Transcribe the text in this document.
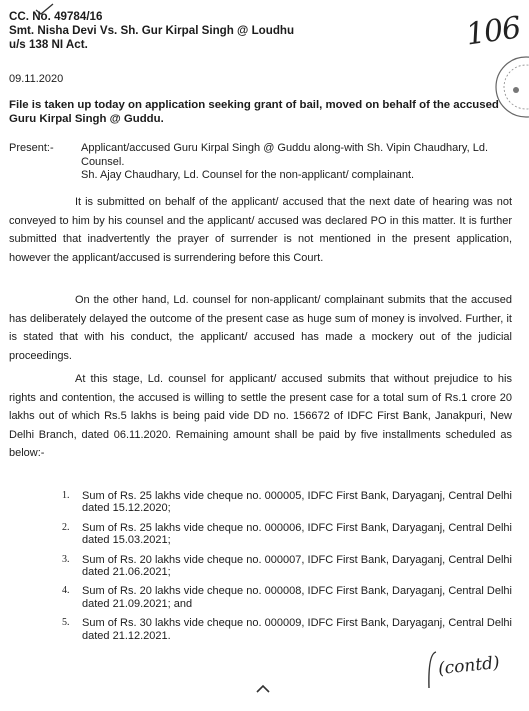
CC. No. 49784/16
Smt. Nisha Devi Vs. Sh. Gur Kirpal Singh @ Loudhu
u/s 138 NI Act.	106
09.11.2020
File is taken up today on application seeking grant of bail, moved on behalf of the accused Guru Kirpal Singh @ Guddu.
Present:- Applicant/accused Guru Kirpal Singh @ Guddu along-with Sh. Vipin Chaudhary, Ld. Counsel.
Sh. Ajay Chaudhary, Ld. Counsel for the non-applicant/ complainant.
It is submitted on behalf of the applicant/ accused that the next date of hearing was not conveyed to him by his counsel and the applicant/ accused was declared PO in this matter. It is further submitted that inadvertently the prayer of surrender is not mentioned in the present application, however the applicant/accused is surrendering before this Court.
On the other hand, Ld. counsel for non-applicant/ complainant submits that the accused has deliberately delayed the outcome of the present case as huge sum of money is involved. Further, it is stated that with his conduct, the applicant/ accused has made a mockery out of the judicial proceedings.
At this stage, Ld. counsel for applicant/ accused submits that without prejudice to his rights and contention, the accused is willing to settle the present case for a total sum of Rs.1 crore 20 lakhs out of which Rs.5 lakhs is being paid vide DD no. 156672 of IDFC First Bank, Janakpuri, New Delhi Branch, dated 06.11.2020. Remaining amount shall be paid by five installments scheduled as below:-
1. Sum of Rs. 25 lakhs vide cheque no. 000005, IDFC First Bank, Daryaganj, Central Delhi dated 15.12.2020;
2. Sum of Rs. 25 lakhs vide cheque no. 000006, IDFC First Bank, Daryaganj, Central Delhi dated 15.03.2021;
3. Sum of Rs. 20 lakhs vide cheque no. 000007, IDFC First Bank, Daryaganj, Central Delhi dated 21.06.2021;
4. Sum of Rs. 20 lakhs vide cheque no. 000008, IDFC First Bank, Daryaganj, Central Delhi dated 21.09.2021; and
5. Sum of Rs. 30 lakhs vide cheque no. 000009, IDFC First Bank, Daryaganj, Central Delhi dated 21.12.2021.
(contd)
